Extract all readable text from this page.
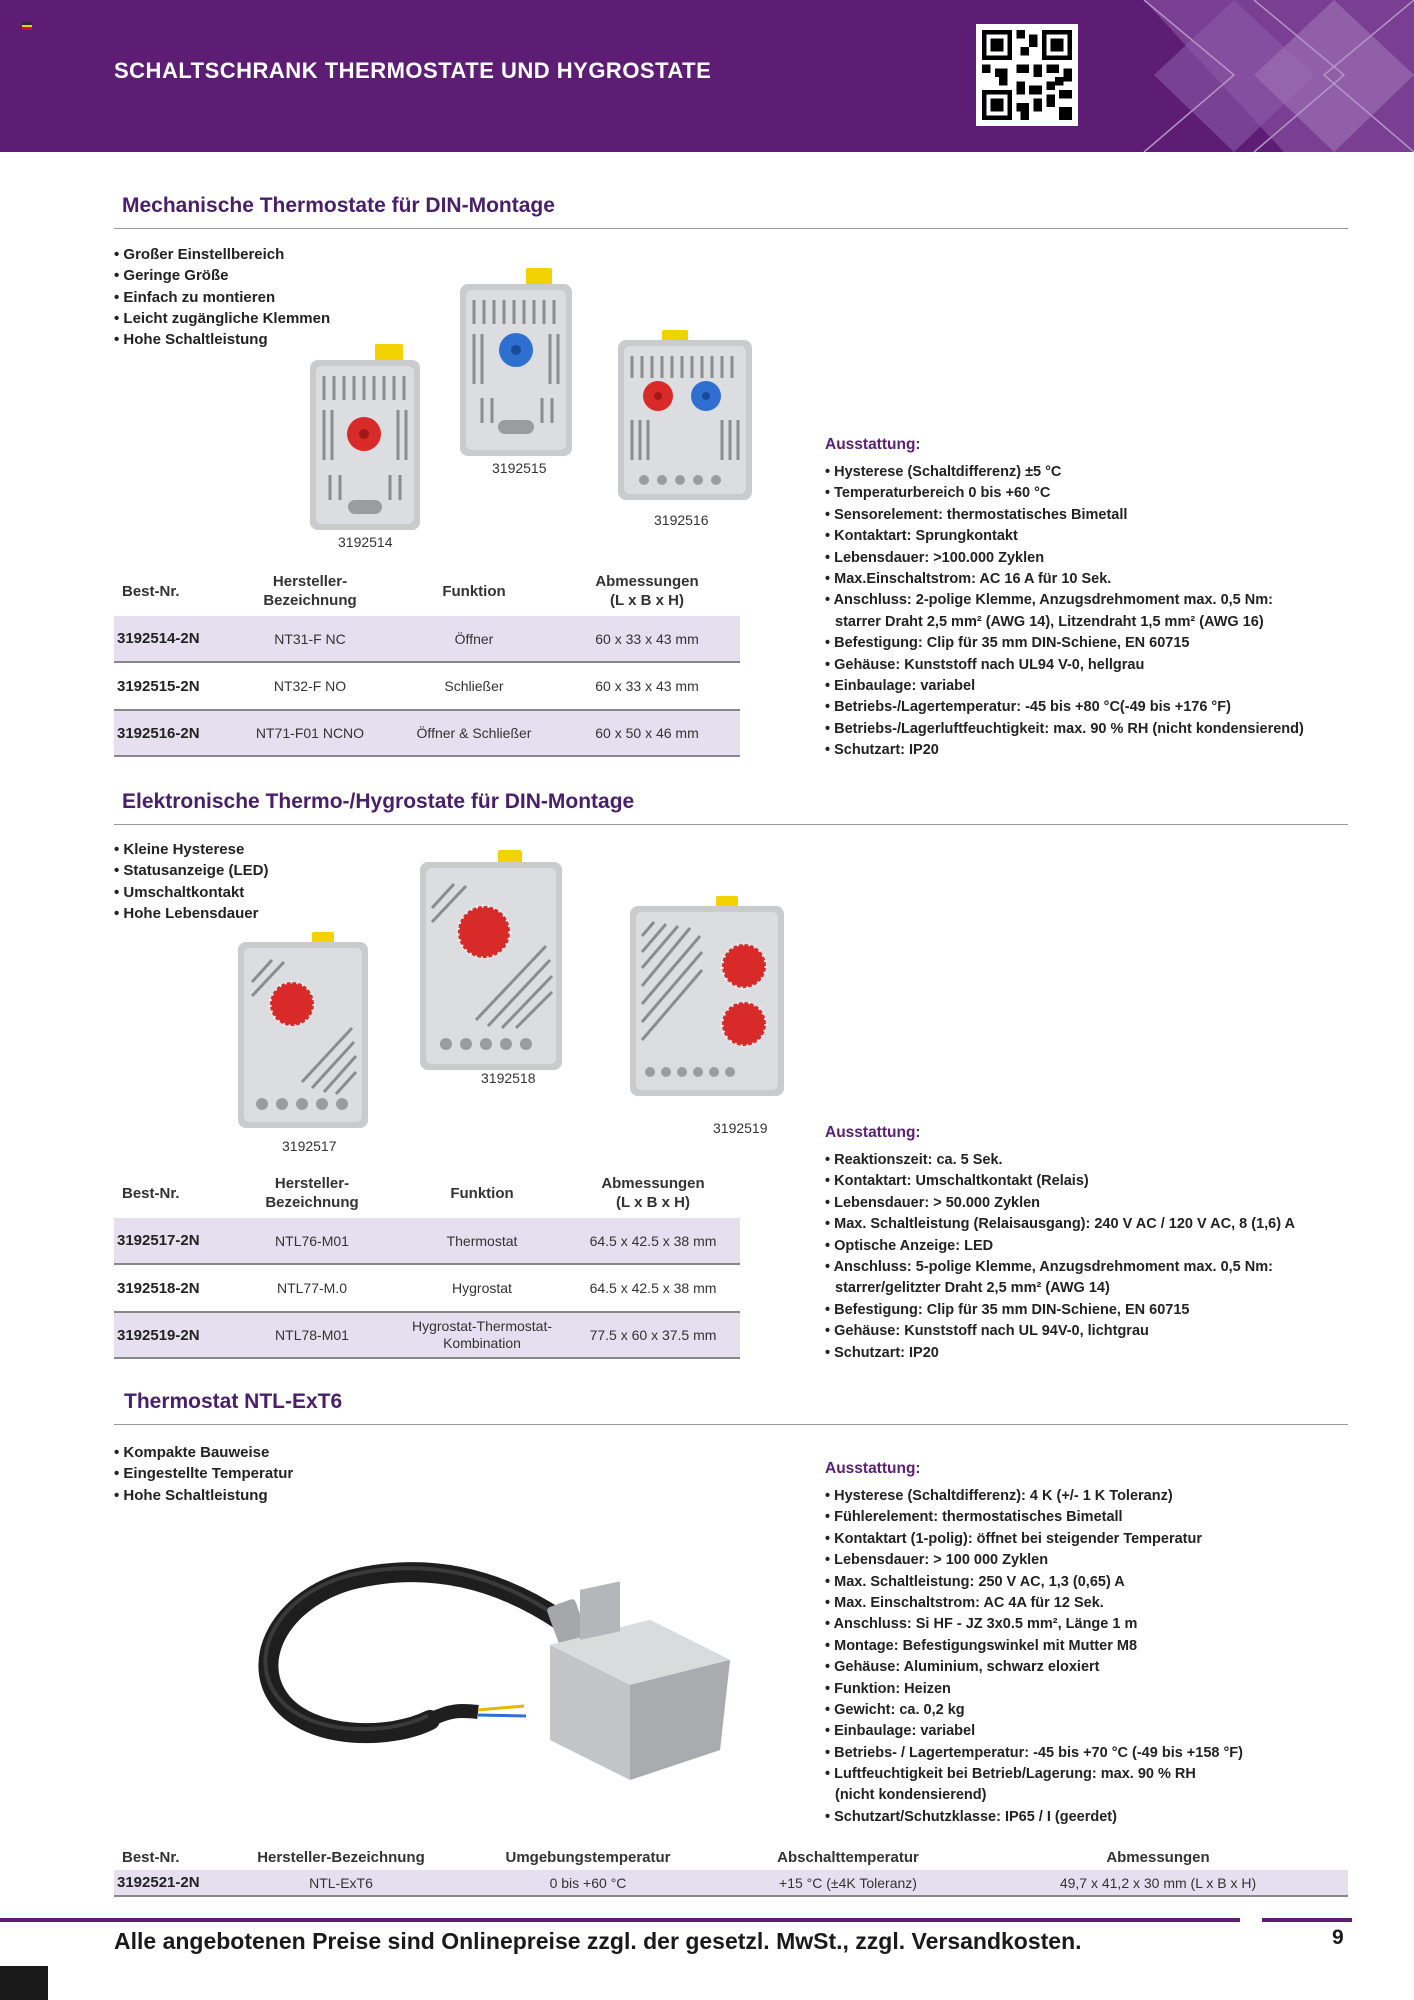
SCHALTSCHRANK THERMOSTATE UND HYGROSTATE
Mechanische Thermostate für DIN-Montage
• Großer Einstellbereich
• Geringe Größe
• Einfach zu montieren
• Leicht zugängliche Klemmen
• Hohe Schaltleistung
3192514
3192515
3192516
Best-Nr.	Hersteller-
Bezeichnung	Funktion	Abmessungen
(L x B x H)
3192514-2N	NT31-F NC	Öffner	60 x 33 x 43 mm
3192515-2N	NT32-F NO	Schließer	60 x 33 x 43 mm
3192516-2N	NT71-F01 NCNO	Öffner & Schließer	60 x 50 x 46 mm
Ausstattung:
• Hysterese (Schaltdifferenz) ±5 °C
• Temperaturbereich 0 bis +60 °C
• Sensorelement: thermostatisches Bimetall
• Kontaktart: Sprungkontakt
• Lebensdauer: >100.000 Zyklen
• Max.Einschaltstrom: AC 16 A für 10 Sek.
• Anschluss: 2-polige Klemme, Anzugsdrehmoment max. 0,5 Nm:
starrer Draht 2,5 mm² (AWG 14), Litzendraht 1,5 mm² (AWG 16)
• Befestigung: Clip für 35 mm DIN-Schiene, EN 60715
• Gehäuse: Kunststoff nach UL94 V-0, hellgrau
• Einbaulage: variabel
• Betriebs-/Lagertemperatur: -45 bis +80 °C(-49 bis +176 °F)
• Betriebs-/Lagerluftfeuchtigkeit: max. 90 % RH (nicht kondensierend)
• Schutzart: IP20
Elektronische Thermo-/Hygrostate für DIN-Montage
• Kleine Hysterese
• Statusanzeige (LED)
• Umschaltkontakt
• Hohe Lebensdauer
3192517
3192518
3192519
Best-Nr.	Hersteller-
Bezeichnung	Funktion	Abmessungen
(L x B x H)
3192517-2N	NTL76-M01	Thermostat	64.5 x 42.5 x 38 mm
3192518-2N	NTL77-M.0	Hygrostat	64.5 x 42.5 x 38 mm
3192519-2N	NTL78-M01	Hygrostat-Thermostat-
Kombination	77.5 x 60 x 37.5 mm
Ausstattung:
• Reaktionszeit: ca. 5 Sek.
• Kontaktart: Umschaltkontakt (Relais)
• Lebensdauer: > 50.000 Zyklen
• Max. Schaltleistung (Relaisausgang): 240 V AC / 120 V AC, 8 (1,6) A
• Optische Anzeige: LED
• Anschluss: 5-polige Klemme, Anzugsdrehmoment max. 0,5 Nm:
starrer/gelitzter Draht 2,5 mm² (AWG 14)
• Befestigung: Clip für 35 mm DIN-Schiene, EN 60715
• Gehäuse: Kunststoff nach UL 94V-0, lichtgrau
• Schutzart: IP20
Thermostat NTL-ExT6
• Kompakte Bauweise
• Eingestellte Temperatur
• Hohe Schaltleistung
Ausstattung:
• Hysterese (Schaltdifferenz): 4 K (+/- 1 K Toleranz)
• Fühlerelement: thermostatisches Bimetall
• Kontaktart (1-polig): öffnet bei steigender Temperatur
• Lebensdauer: > 100 000 Zyklen
• Max. Schaltleistung: 250 V AC, 1,3 (0,65) A
• Max. Einschaltstrom: AC 4A für 12 Sek.
• Anschluss: Si HF - JZ 3x0.5 mm², Länge 1 m
• Montage: Befestigungswinkel mit Mutter M8
• Gehäuse: Aluminium, schwarz eloxiert
• Funktion: Heizen
• Gewicht: ca. 0,2 kg
• Einbaulage: variabel
• Betriebs- / Lagertemperatur: -45 bis +70 °C (-49 bis +158 °F)
• Luftfeuchtigkeit bei Betrieb/Lagerung: max. 90 % RH
(nicht kondensierend)
• Schutzart/Schutzklasse: IP65 / I (geerdet)
Best-Nr.	Hersteller-Bezeichnung	Umgebungstemperatur	Abschalttemperatur	Abmessungen
3192521-2N	NTL-ExT6	0 bis +60 °C	+15 °C (±4K Toleranz)	49,7 x 41,2 x 30 mm (L x B x H)
Alle angebotenen Preise sind Onlinepreise zzgl. der gesetzl. MwSt., zzgl. Versandkosten.	9
